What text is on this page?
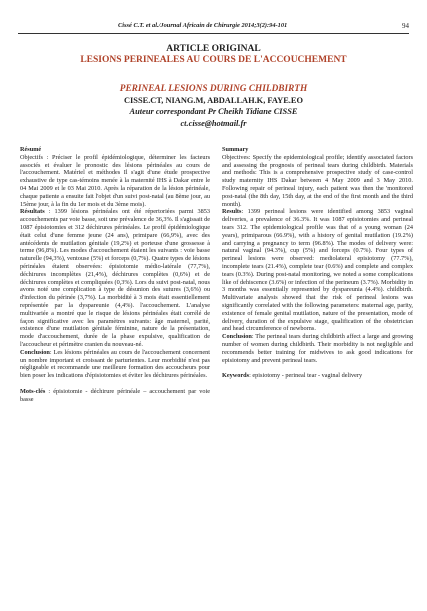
Cissé C.T. et al./Journal Africain de Chirurgie 2014;3(2):94-101	94
ARTICLE ORIGINAL
LESIONS PERINEALES AU COURS DE L'ACCOUCHEMENT
PERINEAL LESIONS DURING CHILDBIRTH
CISSE.CT, NIANG.M, ABDALLAH.K, FAYE.EO
Auteur correspondant Pr Cheikh Tidiane CISSE
ct.cisse@hotmail.fr

Résumé

Objectifs : Préciser le profil épidémiologique, déterminer les facteurs associés et évaluer le pronostic des lésions périnéales au cours de l'accouchement. Matériel et méthodes Il s'agit d'une étude prospective exhaustive de type cas-témoins menée à la maternité IHS à Dakar entre le 04 Mai 2009 et le 03 Mai 2010. Après la réparation de la lésion périnéale, chaque patiente a ensuite fait l'objet d'un suivi post-natal (au 8ème jour, au 15ème jour, à la fin du 1er mois et du 3ème mois).

Résultats : 1399 lésions périnéales ont été répertoriées parmi 3853 accouchements par voie basse, soit une prévalence de 36,3%. Il s'agissait de 1087 épisiotomies et 312 déchirures périnéales. Le profil épidémiologique était celui d'une femme jeune (24 ans), primipare (66,9%), avec des antécédents de mutilation génitale (19,2%) et porteuse d'une grossesse à terme (96,8%). Les modes d'accouchement étaient les suivants : voie basse naturelle (94,3%), ventouse (5%) et forceps (0,7%). Quatre types de lésions périnéales étaient observées: épisiotomie médio-latérale (77,7%), déchirures incomplètes (21,4%), déchirures complètes (0,6%) et de déchirures complètes et compliquées (0,3%). Lors du suivi post-natal, nous avons noté une complication à type de désunion des sutures (3,6%) ou d'infection du périnée (3,7%). La morbidité à 3 mois était essentiellement représentée par la dyspareunie (4,4%). l'accouchement. L'analyse multivariée a montré que le risque de lésions périnéales était corrélé de façon significative avec les paramètres suivants: âge maternel, parité, existence d'une mutilation génitale féminine, nature de la présentation, mode d'accouchement, durée de la phase expulsive, qualification de l'accoucheur et périmètre cranien du nouveau-né.

Conclusion: Les lésions périnéales au cours de l'accouchement concernent un nombre important et croissant de parturientes. Leur morbidité n'est pas négligeable et recommande une meilleure formation des accoucheurs pour bien poser les indications d'épisiotomies et éviter les déchirures périnéales.

Mots-clés : épisiotomie - déchirure périnéale – accouchement par voie basse

Summary

Objectives: Specify the epidemiological profile; identify associated factors and assessing the prognosis of perineal tears during childbirth. Materials and methods: This is a comprehensive prospective study of case-control study maternity IHS Dakar between 4 May 2009 and 3 May 2010. Following repair of perineal injury, each patient was then the 'monitored post-natal (the 8th day, 15th day, at the end of the first month and the third month).

Results: 1399 perineal lesions were identified among 3853 vaginal deliveries, a prevalence of 36.3%. It was 1087 episiotomies and perineal tears 312. The epidemiological profile was that of a young woman (24 years), primiparous (66.9%), with a history of genital mutilation (19.2%) and carrying a pregnancy to term (96.8%). The modes of delivery were: natural vaginal (94.3%), cup (5%) and forceps (0.7%). Four types of perineal lesions were observed: mediolateral episiotomy (77.7%), incomplete tears (21.4%), complete tear (0.6%) and complete and complex tears (0.3%). During post-natal monitoring, we noted a some complications like of dehiscence (3.6%) or infection of the perineum (3.7%). Morbidity in 3 months was essentially represented by dyspareunia (4.4%). childbirth. Multivariate analysis showed that the risk of perineal lesions was significantly correlated with the following parameters: maternal age, parity, existence of female genital mutilation, nature of the presentation, mode of delivery, duration of the expulsive stage, qualification of the obstetrician and head circumference of newborns.

Conclusion: The perineal tears during childbirth affect a large and growing number of women during childbirth. Their morbidity is not negligible and recommends better training for midwives to ask good indications for episiotomy and prevent perineal tears.

Keywords: episiotomy - perineal tear - vaginal delivery
